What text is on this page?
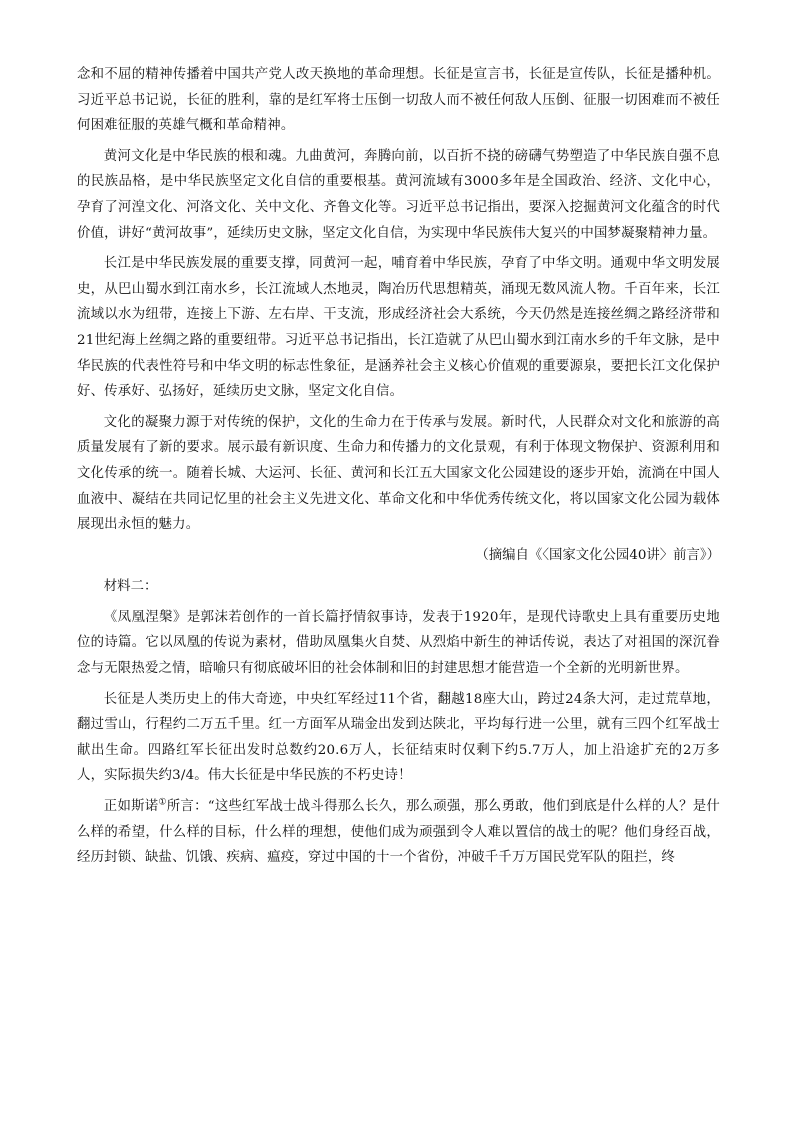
念和不屈的精神传播着中国共产党人改天换地的革命理想。长征是宣言书，长征是宣传队，长征是播种机。习近平总书记说，长征的胜利，靠的是红军将士压倒一切敌人而不被任何敌人压倒、征服一切困难而不被任何困难征服的英雄气概和革命精神。

黄河文化是中华民族的根和魂。九曲黄河，奔腾向前，以百折不挠的磅礴气势塑造了中华民族自强不息的民族品格，是中华民族坚定文化自信的重要根基。黄河流域有3000多年是全国政治、经济、文化中心，孕育了河湟文化、河洛文化、关中文化、齐鲁文化等。习近平总书记指出，要深入挖掘黄河文化蕴含的时代价值，讲好“黄河故事”，延续历史文脉，坚定文化自信，为实现中华民族伟大复兴的中国梦凝聚精神力量。

长江是中华民族发展的重要支撑，同黄河一起，哺育着中华民族，孕育了中华文明。通观中华文明发展史，从巴山蜀水到江南水乡，长江流域人杰地灵，陶冶历代思想精英，涌现无数风流人物。千百年来，长江流域以水为纽带，连接上下游、左右岸、干支流，形成经济社会大系统，今天仍然是连接丝绸之路经济带和21世纪海上丝绸之路的重要纽带。习近平总书记指出，长江造就了从巴山蜀水到江南水乡的千年文脉，是中华民族的代表性符号和中华文明的标志性象征，是涵养社会主义核心价值观的重要源泉，要把长江文化保护好、传承好、弘扬好，延续历史文脉，坚定文化自信。

文化的凝聚力源于对传统的保护，文化的生命力在于传承与发展。新时代，人民群众对文化和旅游的高质量发展有了新的要求。展示最有新识度、生命力和传播力的文化景观，有利于体现文物保护、资源利用和文化传承的统一。随着长城、大运河、长征、黄河和长江五大国家文化公园建设的逐步开始，流淌在中国人血液中、凝结在共同记忆里的社会主义先进文化、革命文化和中华优秀传统文化，将以国家文化公园为载体展现出永恒的魅力。

（摘编自《〈国家文化公园40讲〉前言》）

材料二：

《凤凰涅槃》是郭沫若创作的一首长篇抒情叙事诗，发表于1920年，是现代诗歌史上具有重要历史地位的诗篇。它以凤凰的传说为素材，借助凤凰集火自焚、从烈焰中新生的神话传说，表达了对祖国的深沉眷念与无限热爱之情，暗喻只有彻底破坏旧的社会体制和旧的封建思想才能营造一个全新的光明新世界。

长征是人类历史上的伟大奇迹，中央红军经过11个省，翻越18座大山，跨过24条大河，走过荒草地，翻过雪山，行程约二万五千里。红一方面军从瑞金出发到达陕北，平均每行进一公里，就有三四个红军战士献出生命。四路红军长征出发时总数约20.6万人，长征结束时仅剩下约5.7万人，加上沿途扩充的2万多人，实际损失约3/4。伟大长征是中华民族的不朽史诗！

正如斯诺①所言：“这些红军战士战斗得那么长久，那么顽强，那么勇敢，他们到底是什么样的人？是什么样的希望，什么样的目标，什么样的理想，使他们成为顽强到令人难以置信的战士的呢？他们身经百战，经历封锁、缺盐、饥饿、疾病、瘟疫，穿过中国的十一个省份，冲破千千万万国民党军队的阻拦，终
